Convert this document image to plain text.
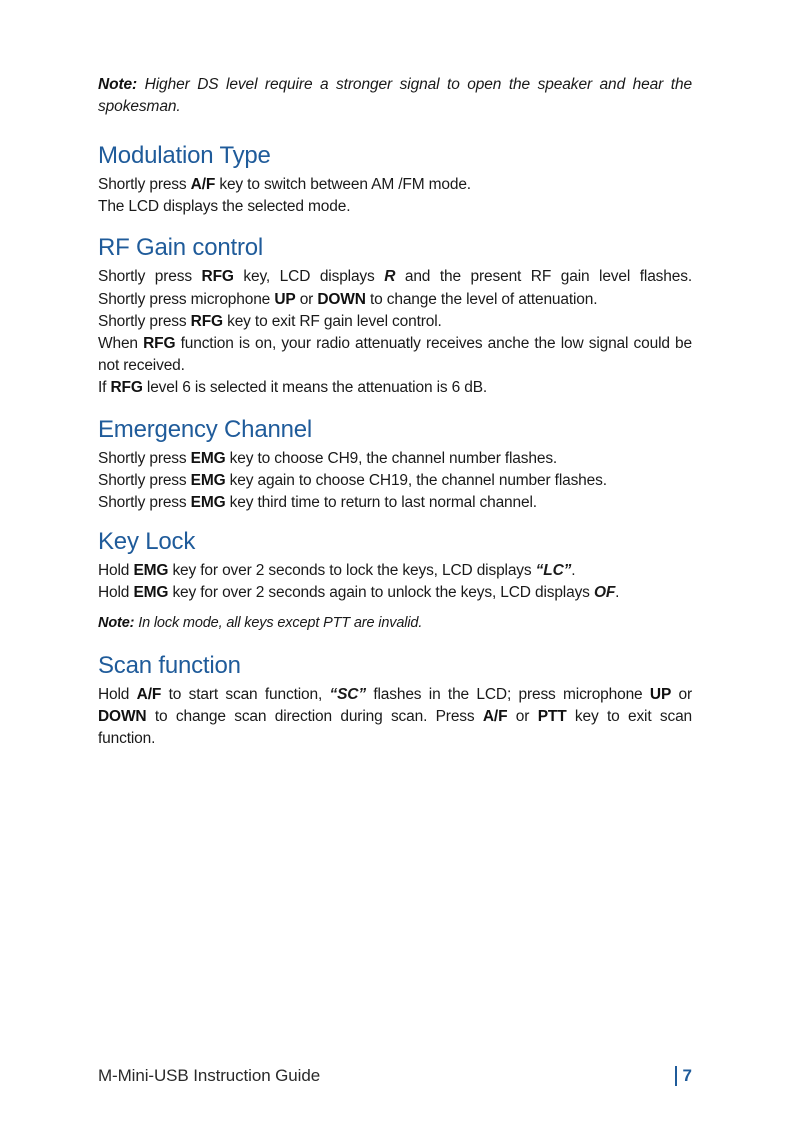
Note: Higher DS level require a stronger signal to open the speaker and hear the spokesman.

Modulation Type

Shortly press A/F key to switch between AM /FM mode.
The LCD displays the selected mode.

RF Gain control

Shortly press RFG key, LCD displays R and the present RF gain level flashes.
Shortly press microphone UP or DOWN to change the level of attenuation.
Shortly press RFG key to exit RF gain level control.
When RFG function is on, your radio attenuatly receives anche the low signal could be not received.
If RFG level 6 is selected it means the attenuation is 6 dB.

Emergency Channel

Shortly press EMG key to choose CH9, the channel number flashes.
Shortly press EMG key again to choose CH19, the channel number flashes.
Shortly press EMG key third time to return to last normal channel.

Key Lock

Hold EMG key for over 2 seconds to lock the keys, LCD displays “LC”.
Hold EMG key for over 2 seconds again to unlock the keys, LCD displays OF.

Note: In lock mode, all keys except PTT are invalid.

Scan function

Hold A/F to start scan function, “SC” flashes in the LCD; press microphone UP or DOWN to change scan direction during scan. Press A/F or PTT key to exit scan function.

M-Mini-USB Instruction Guide	7
